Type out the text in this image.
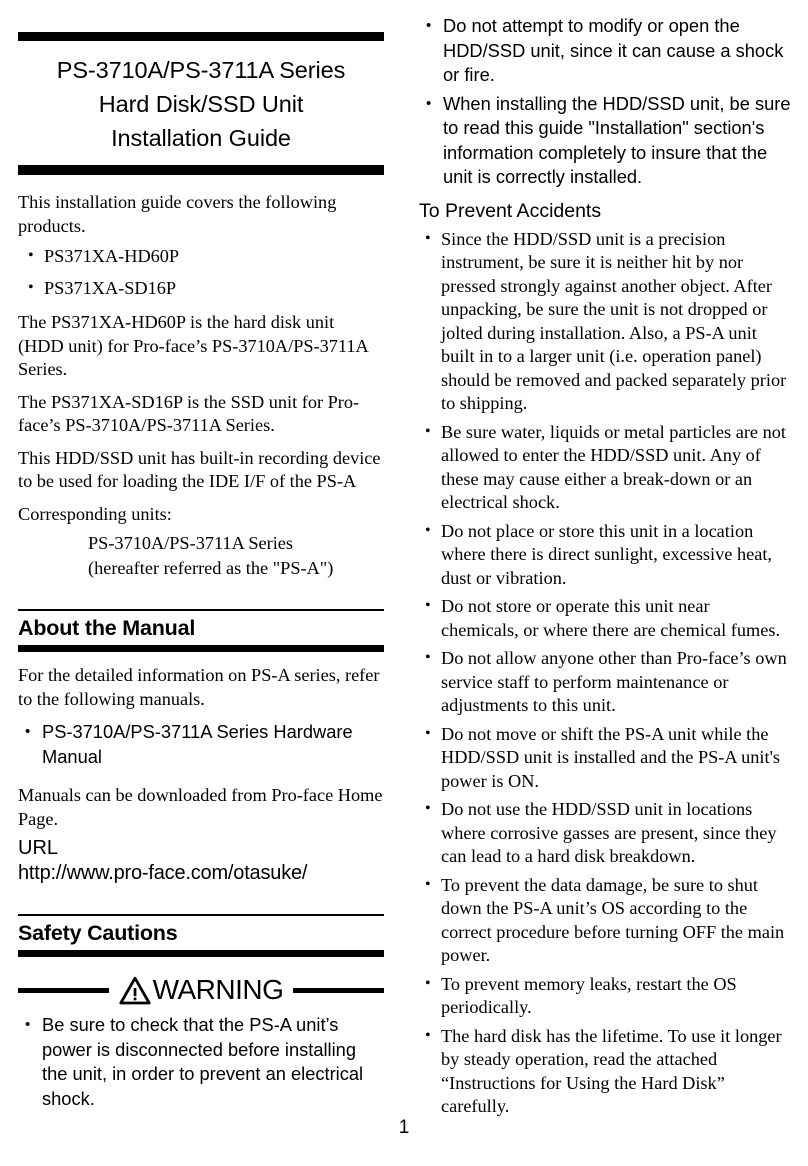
PS-3710A/PS-3711A Series
Hard Disk/SSD Unit
Installation Guide

This installation guide covers the following products.

• PS371XA-HD60P
• PS371XA-SD16P

The PS371XA-HD60P is the hard disk unit (HDD unit) for Pro-face’s PS-3710A/PS-3711A Series.

The PS371XA-SD16P is the SSD unit for Pro-face’s PS-3710A/PS-3711A Series.

This HDD/SSD unit has built-in recording device to be used for loading the IDE I/F of the PS-A

Corresponding units:

PS-3710A/PS-3711A Series
(hereafter referred as the "PS-A")
About the Manual

For the detailed information on PS-A series, refer to the following manuals.

• PS-3710A/PS-3711A Series Hardware Manual

Manuals can be downloaded from Pro-face Home Page.

URL

http://www.pro-face.com/otasuke/

Safety Cautions
WARNING
• Be sure to check that the PS-A unit’s power is disconnected before installing the unit, in order to prevent an electrical shock.
• Do not attempt to modify or open the HDD/SSD unit, since it can cause a shock or fire.
• When installing the HDD/SSD unit, be sure to read this guide "Installation" section's information completely to insure that the unit is correctly installed.
To Prevent Accidents
• Since the HDD/SSD unit is a precision instrument, be sure it is neither hit by nor pressed strongly against another object. After unpacking, be sure the unit is not dropped or jolted during installation. Also, a PS-A unit built in to a larger unit (i.e. operation panel) should be removed and packed separately prior to shipping.
• Be sure water, liquids or metal particles are not allowed to enter the HDD/SSD unit. Any of these may cause either a break-down or an electrical shock.
• Do not place or store this unit in a location where there is direct sunlight, excessive heat, dust or vibration.
• Do not store or operate this unit near chemicals, or where there are chemical fumes.
• Do not allow anyone other than Pro-face’s own service staff to perform maintenance or adjustments to this unit.
• Do not move or shift the PS-A unit while the HDD/SSD unit is installed and the PS-A unit's power is ON.
• Do not use the HDD/SSD unit in locations where corrosive gasses are present, since they can lead to a hard disk breakdown.
• To prevent the data damage, be sure to shut down the PS-A unit’s OS according to the correct procedure before turning OFF the main power.
• To prevent memory leaks, restart the OS periodically.
• The hard disk has the lifetime. To use it longer by steady operation, read the attached “Instructions for Using the Hard Disk” carefully.
1
